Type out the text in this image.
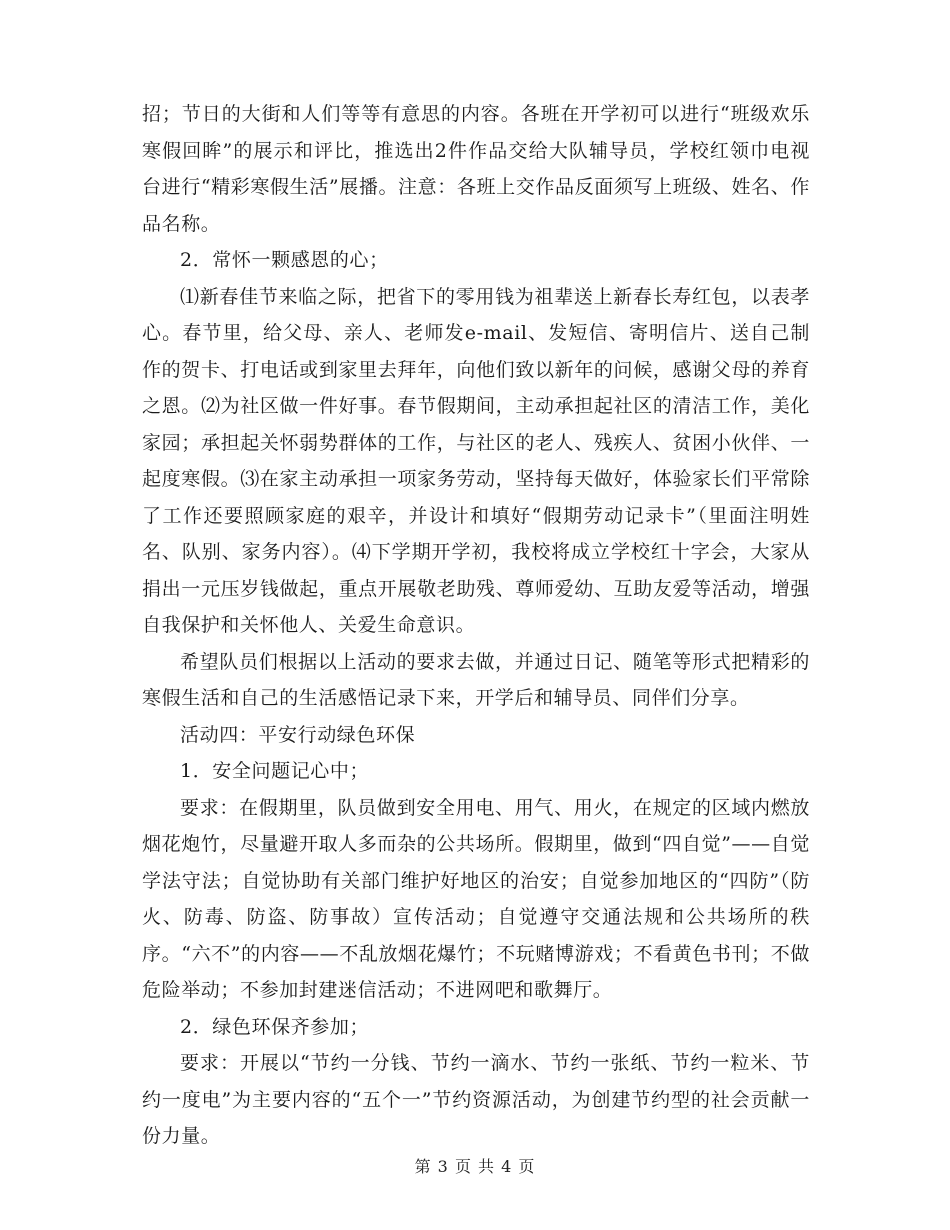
招；节日的大街和人们等等有意思的内容。各班在开学初可以进行“班级欢乐寒假回眸”的展示和评比，推选出2件作品交给大队辅导员，学校红领巾电视台进行“精彩寒假生活”展播。注意：各班上交作品反面须写上班级、姓名、作品名称。

2．常怀一颗感恩的心；

⑴新春佳节来临之际，把省下的零用钱为祖辈送上新春长寿红包，以表孝心。春节里，给父母、亲人、老师发e-mail、发短信、寄明信片、送自己制作的贺卡、打电话或到家里去拜年，向他们致以新年的问候，感谢父母的养育之恩。⑵为社区做一件好事。春节假期间，主动承担起社区的清洁工作，美化家园；承担起关怀弱势群体的工作，与社区的老人、残疾人、贫困小伙伴、一起度寒假。⑶在家主动承担一项家务劳动，坚持每天做好，体验家长们平常除了工作还要照顾家庭的艰辛，并设计和填好“假期劳动记录卡”（里面注明姓名、队别、家务内容）。⑷下学期开学初，我校将成立学校红十字会，大家从捐出一元压岁钱做起，重点开展敬老助残、尊师爱幼、互助友爱等活动，增强自我保护和关怀他人、关爱生命意识。

希望队员们根据以上活动的要求去做，并通过日记、随笔等形式把精彩的寒假生活和自己的生活感悟记录下来，开学后和辅导员、同伴们分享。

活动四：平安行动绿色环保

1．安全问题记心中；

要求：在假期里，队员做到安全用电、用气、用火，在规定的区域内燃放烟花炮竹，尽量避开取人多而杂的公共场所。假期里，做到“四自觉”——自觉学法守法；自觉协助有关部门维护好地区的治安；自觉参加地区的“四防”（防火、防毒、防盗、防事故）宣传活动；自觉遵守交通法规和公共场所的秩序。“六不”的内容——不乱放烟花爆竹；不玩赌博游戏；不看黄色书刊；不做危险举动；不参加封建迷信活动；不进网吧和歌舞厅。

2．绿色环保齐参加；

要求：开展以“节约一分钱、节约一滴水、节约一张纸、节约一粒米、节约一度电”为主要内容的“五个一”节约资源活动，为创建节约型的社会贡献一份力量。

第 3 页 共 4 页
